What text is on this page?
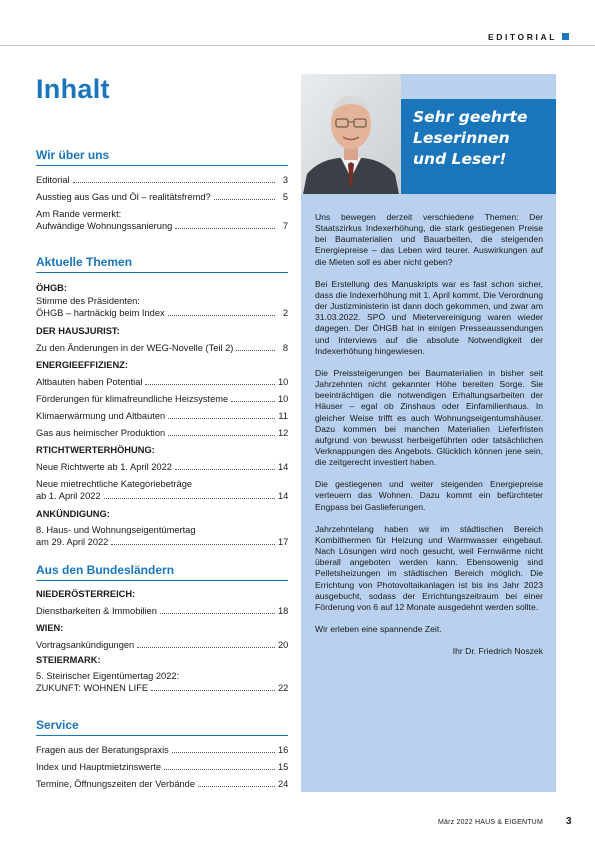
EDITORIAL
Inhalt
Wir über uns
Editorial	3
Ausstieg aus Gas und Öl – realitätsfremd?	5
Am Rande vermerkt:
Aufwändige Wohnungssanierung	7
Aktuelle Themen
ÖHGB:
Stimme des Präsidenten:
ÖHGB – hartnäckig beim Index	2
DER HAUSJURIST:
Zu den Änderungen in der WEG-Novelle (Teil 2)	8
ENERGIEEFFIZIENZ:
Altbauten haben Potential	10
Förderungen für klimafreundliche Heizsysteme	10
Klimaerwärmung und Altbauten	11
Gas aus heimischer Produktion	12
RTICHTWERTERHÖHUNG:
Neue Richtwerte ab 1. April 2022	14
Neue mietrechtliche Kategoriebeträge
ab 1. April 2022	14
ANKÜNDIGUNG:
8. Haus- und Wohnungseigentümertag
am 29. April 2022	17
Aus den Bundesländern
NIEDERÖSTERREICH:
Dienstbarkeiten & Immobilien	18
WIEN:
Vortragsankündigungen	20
STEIERMARK:
5. Steirischer Eigentümertag 2022:
ZUKUNFT: WOHNEN LIFE	22
Service
Fragen aus der Beratungspraxis	16
Index und Hauptmietzinswerte	15
Termine, Öffnungszeiten der Verbände	24
Sehr geehrte
Leserinnen
und Leser!

Uns bewegen derzeit verschiedene Themen: Der Staatszirkus Indexerhöhung, die stark gestiegenen Preise bei Baumaterialien und Bauarbeiten, die steigenden Energiepreise – das Leben wird teurer. Auswirkungen auf die Mieten soll es aber nicht geben?

Bei Erstellung des Manuskripts war es fast schon sicher, dass die Indexerhöhung mit 1. April kommt. Die Verordnung der Justizministerin ist dann doch gekommen, und zwar am 31.03.2022. SPÖ und Mietervereinigung waren wieder dagegen. Der ÖHGB hat in einigen Presseaussendungen und Interviews auf die absolute Notwendigkeit der Indexerhöhung hingewiesen.

Die Preissteigerungen bei Baumaterialien in bisher seit Jahrzehnten nicht gekannter Höhe bereiten Sorge. Sie beeinträchtigen die notwendigen Erhaltungsarbeiten der Häuser – egal ob Zinshaus oder Einfamilienhaus. In gleicher Weise trifft es auch Wohnungseigentumshäuser. Dazu kommen bei manchen Materialien Lieferfristen aufgrund von bewusst herbeigeführten oder tatsächlichen Verknappungen des Angebots. Glücklich können jene sein, die zeitgerecht investiert haben.

Die gestiegenen und weiter steigenden Energiepreise verteuern das Wohnen. Dazu kommt ein befürchteter Engpass bei Gaslieferungen.

Jahrzehntelang haben wir im städtischen Bereich Kombithermen für Heizung und Warmwasser eingebaut. Nach Lösungen wird noch gesucht, weil Fernwärme nicht überall angeboten werden kann. Ebensowenig sind Pelletsheizungen im städtischen Bereich möglich. Die Errichtung von Photovoltaikanlagen ist bis ins Jahr 2023 ausgebucht, sodass der Errichtungszeitraum bei einer Förderung von 6 auf 12 Monate ausgedehnt werden sollte.

Wir erleben eine spannende Zeit.

Ihr Dr. Friedrich Noszek

März 2022 HAUS & EIGENTUM 3
